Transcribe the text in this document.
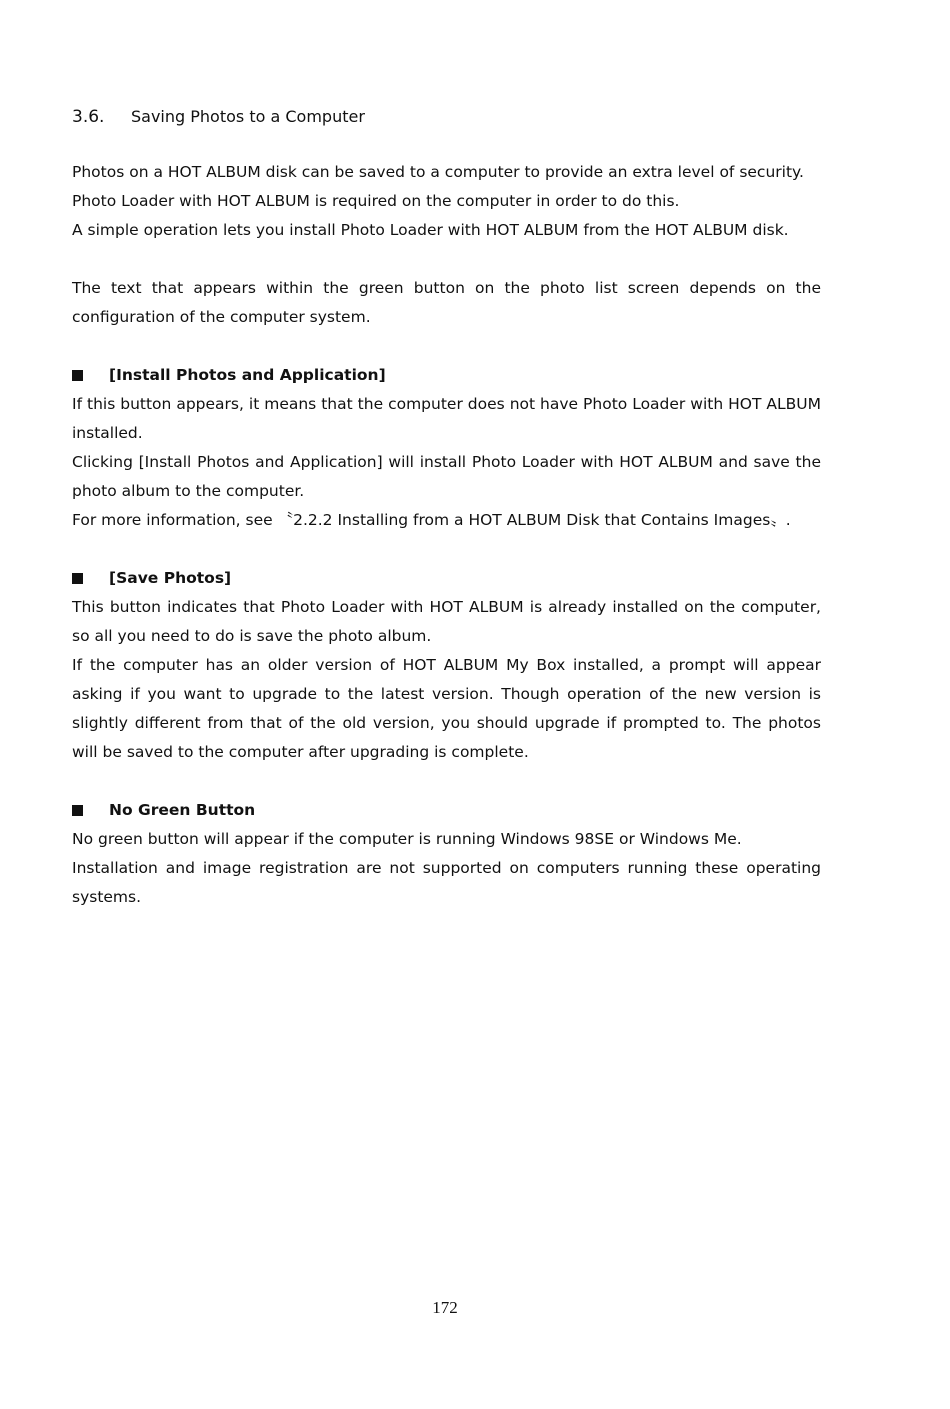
3.6. Saving Photos to a Computer

Photos on a HOT ALBUM disk can be saved to a computer to provide an extra level of security.

Photo Loader with HOT ALBUM is required on the computer in order to do this.

A simple operation lets you install Photo Loader with HOT ALBUM from the HOT ALBUM disk.

The text that appears within the green button on the photo list screen depends on the configuration of the computer system.

[Install Photos and Application]

If this button appears, it means that the computer does not have Photo Loader with HOT ALBUM installed.

Clicking [Install Photos and Application] will install Photo Loader with HOT ALBUM and save the photo album to the computer.

For more information, see 〝2.2.2 Installing from a HOT ALBUM Disk that Contains Images〟.

[Save Photos]

This button indicates that Photo Loader with HOT ALBUM is already installed on the computer, so all you need to do is save the photo album.

If the computer has an older version of HOT ALBUM My Box installed, a prompt will appear asking if you want to upgrade to the latest version. Though operation of the new version is slightly different from that of the old version, you should upgrade if prompted to. The photos will be saved to the computer after upgrading is complete.

No Green Button

No green button will appear if the computer is running Windows 98SE or Windows Me.

Installation and image registration are not supported on computers running these operating systems.

172
